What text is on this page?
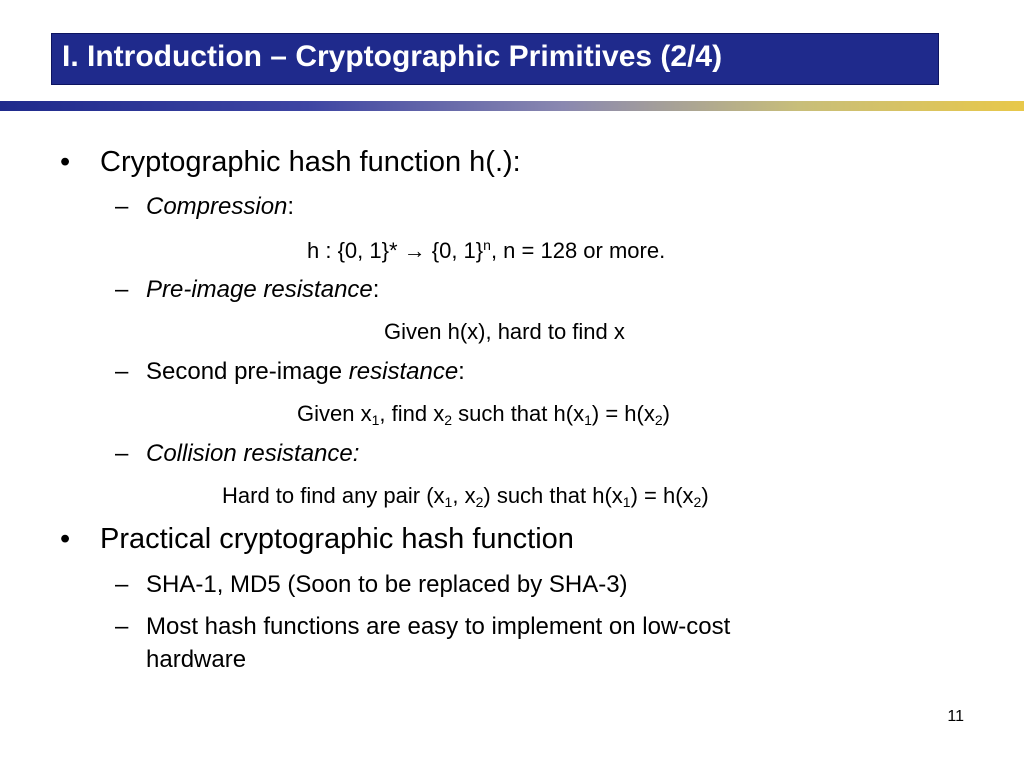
I. Introduction – Cryptographic Primitives (2/4)
• Cryptographic hash function h(.):
– Compression:
h : {0, 1}* → {0, 1}$^n$, n = 128 or more.
– Pre-image resistance:
Given h(x), hard to find x
– Second pre-image resistance:
Given $x_1$, find $x_2$ such that $h(x_1) = h(x_2)$
– Collision resistance:
Hard to find any pair ($x_1$, $x_2$) such that $h(x_1) = h(x_2)$
• Practical cryptographic hash function
– SHA-1, MD5 (Soon to be replaced by SHA-3)
– Most hash functions are easy to implement on low-cost
hardware
11
